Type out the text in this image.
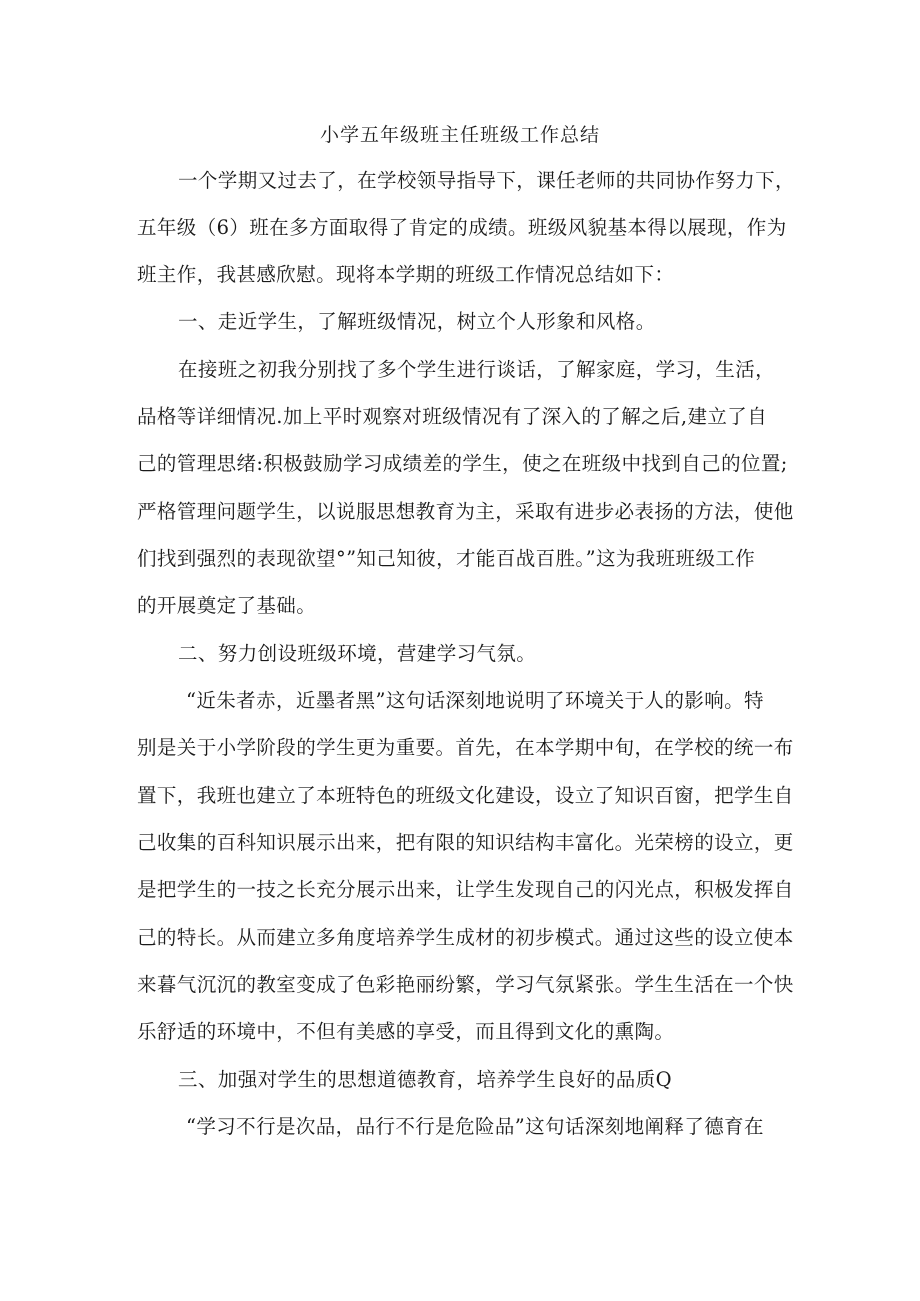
小学五年级班主任班级工作总结

一个学期又过去了，在学校领导指导下，课任老师的共同协作努力下，

五年级（6）班在多方面取得了肯定的成绩。班级风貌基本得以展现，作为

班主作，我甚感欣慰。现将本学期的班级工作情况总结如下：

一、走近学生，了解班级情况，树立个人形象和风格。

在接班之初我分别找了多个学生进行谈话，了解家庭，学习，生活，

品格等详细情况.加上平时观察对班级情况有了深入的了解之后,建立了自

己的管理思绪:积极鼓励学习成绩差的学生，使之在班级中找到自己的位置;

严格管理问题学生，以说服思想教育为主，采取有进步必表扬的方法，使他

们找到强烈的表现欲望°”知己知彼，才能百战百胜。”这为我班班级工作

的开展奠定了基础。

二、努力创设班级环境，营建学习气氛。

“近朱者赤，近墨者黑”这句话深刻地说明了环境关于人的影响。特

别是关于小学阶段的学生更为重要。首先，在本学期中旬，在学校的统一布

置下，我班也建立了本班特色的班级文化建设，设立了知识百窗，把学生自

己收集的百科知识展示出来，把有限的知识结构丰富化。光荣榜的设立，更

是把学生的一技之长充分展示出来，让学生发现自己的闪光点，积极发挥自

己的特长。从而建立多角度培养学生成材的初步模式。通过这些的设立使本

来暮气沉沉的教室变成了色彩艳丽纷繁，学习气氛紧张。学生生活在一个快

乐舒适的环境中，不但有美感的享受，而且得到文化的熏陶。

三、加强对学生的思想道德教育，培养学生良好的品质Q

“学习不行是次品，品行不行是危险品”这句话深刻地阐释了德育在
